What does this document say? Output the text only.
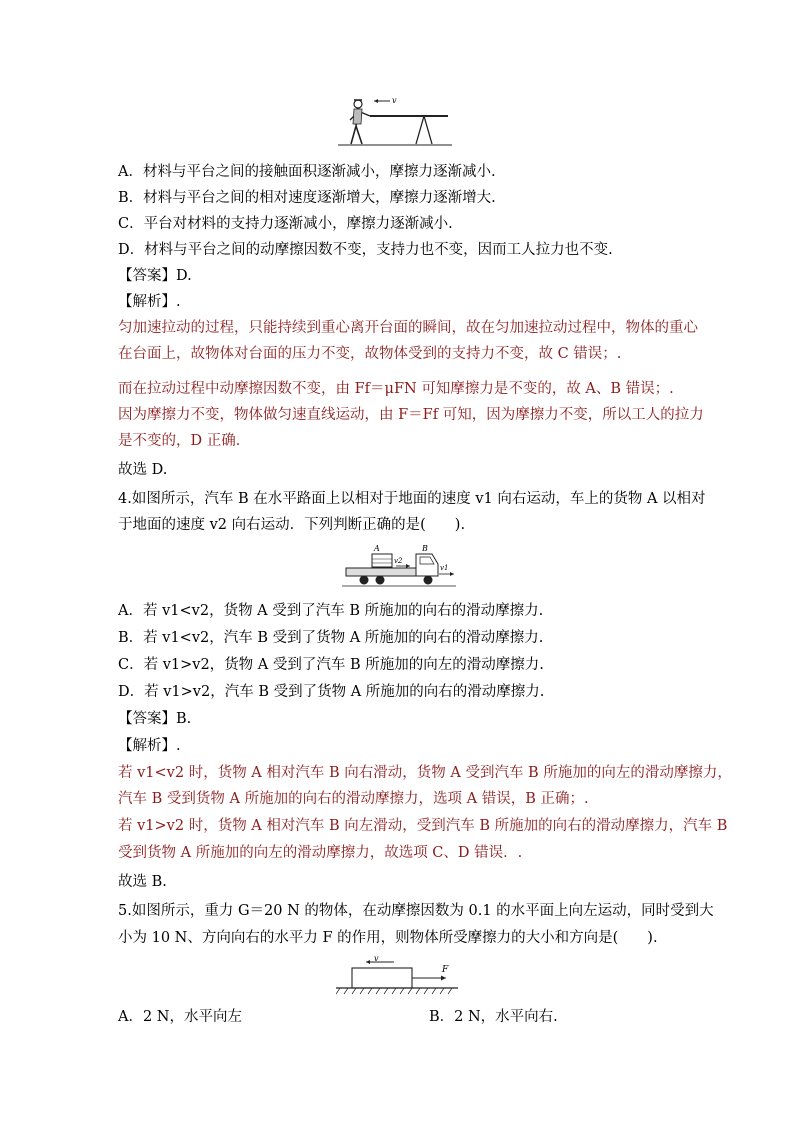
v
A．材料与平台之间的接触面积逐渐减小，摩擦力逐渐减小.
B．材料与平台之间的相对速度逐渐增大，摩擦力逐渐增大.
C．平台对材料的支持力逐渐减小，摩擦力逐渐减小.
D．材料与平台之间的动摩擦因数不变，支持力也不变，因而工人拉力也不变.
【答案】D.
【解析】.
匀加速拉动的过程，只能持续到重心离开台面的瞬间，故在匀加速拉动过程中，物体的重心
在台面上，故物体对台面的压力不变，故物体受到的支持力不变，故 C 错误；.
而在拉动过程中动摩擦因数不变，由 Ff＝μFN 可知摩擦力是不变的，故 A、B 错误；.
因为摩擦力不变，物体做匀速直线运动，由 F＝Ff 可知，因为摩擦力不变，所以工人的拉力
是不变的，D 正确．
故选 D.
4.如图所示，汽车 B 在水平路面上以相对于地面的速度 v1 向右运动，车上的货物 A 以相对
于地面的速度 v2 向右运动．下列判断正确的是(　　).
A	B
v2
v1
A．若 v1<v2，货物 A 受到了汽车 B 所施加的向右的滑动摩擦力.
B．若 v1<v2，汽车 B 受到了货物 A 所施加的向右的滑动摩擦力.
C．若 v1>v2，货物 A 受到了汽车 B 所施加的向左的滑动摩擦力.
D．若 v1>v2，汽车 B 受到了货物 A 所施加的向右的滑动摩擦力.
【答案】B.
【解析】.
若 v1<v2 时，货物 A 相对汽车 B 向右滑动，货物 A 受到汽车 B 所施加的向左的滑动摩擦力，
汽车 B 受到货物 A 所施加的向右的滑动摩擦力，选项 A 错误，B 正确；.
若 v1>v2 时，货物 A 相对汽车 B 向左滑动，受到汽车 B 所施加的向右的滑动摩擦力，汽车 B
受到货物 A 所施加的向左的滑动摩擦力，故选项 C、D 错误．.
故选 B.
5.如图所示，重力 G＝20 N 的物体，在动摩擦因数为 0.1 的水平面上向左运动，同时受到大
小为 10 N、方向向右的水平力 F 的作用，则物体所受摩擦力的大小和方向是(　　).
v
F
A．2 N，水平向左	B．2 N，水平向右.
